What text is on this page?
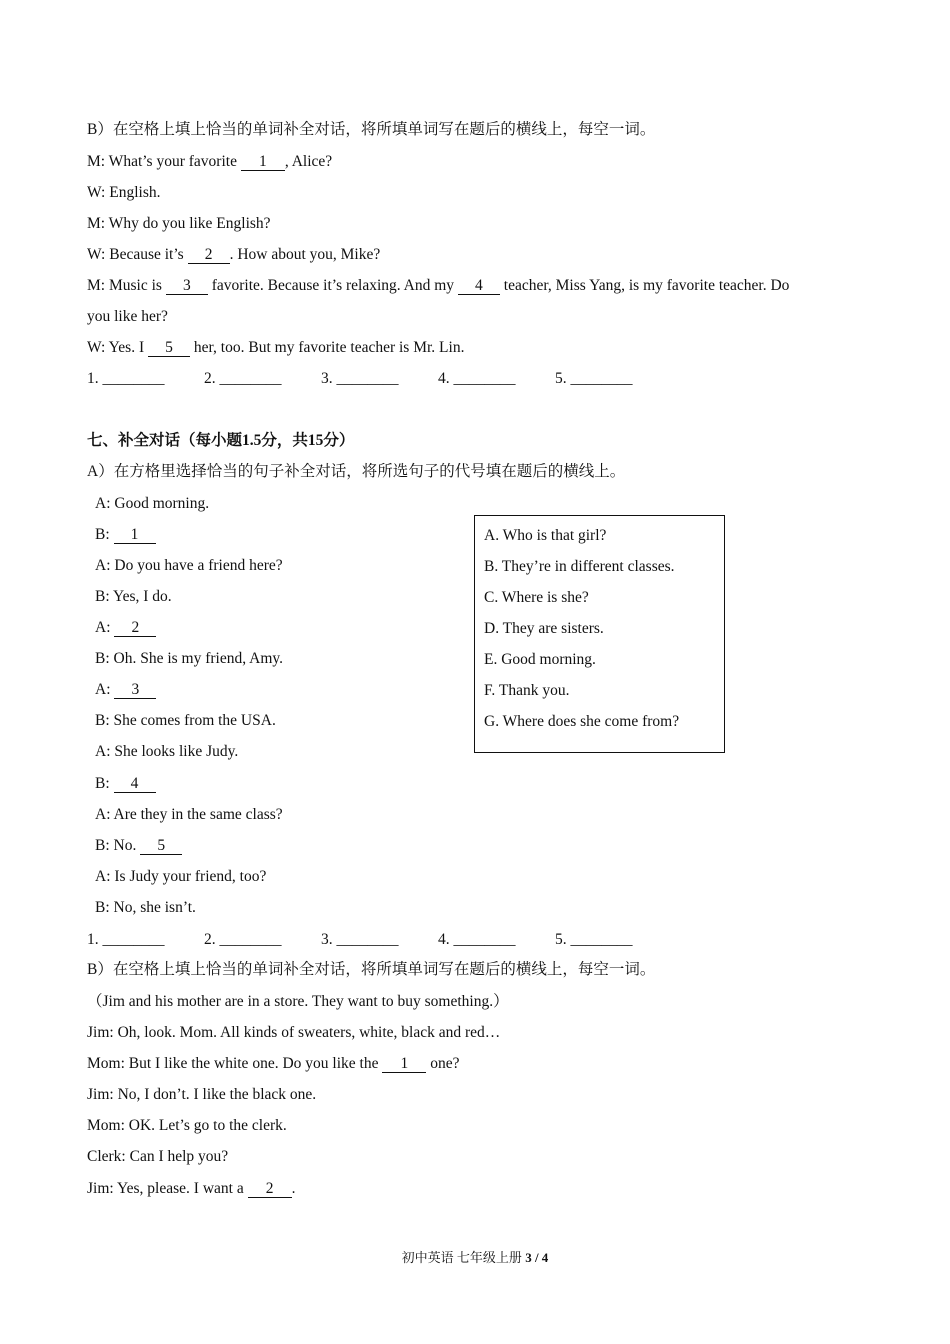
B）在空格上填上恰当的单词补全对话，将所填单词写在题后的横线上，每空一词。
M: What’s your favorite 1 , Alice?
W: English.
M: Why do you like English?
W: Because it’s 2 . How about you, Mike?
M: Music is 3 favorite. Because it’s relaxing. And my 4 teacher, Miss Yang, is my favorite teacher. Do
you like her?
W: Yes. I 5 her, too. But my favorite teacher is Mr. Lin.
1. ________	2. ________	3. ________	4. ________	5. ________
七、补全对话（每小题1.5分，共15分）
A）在方格里选择恰当的句子补全对话，将所选句子的代号填在题后的横线上。
A: Good morning.
B: 1
A: Do you have a friend here?
B: Yes, I do.
A: 2
B: Oh. She is my friend, Amy.
A: 3
B: She comes from the USA.
A: She looks like Judy.
B: 4
A: Are they in the same class?
B: No. 5
A: Is Judy your friend, too?
B: No, she isn’t.
A. Who is that girl?
B. They’re in different classes.
C. Where is she?
D. They are sisters.
E. Good morning.
F. Thank you.
G. Where does she come from?
1. ________	2. ________	3. ________	4. ________	5. ________
B）在空格上填上恰当的单词补全对话，将所填单词写在题后的横线上，每空一词。
（Jim and his mother are in a store. They want to buy something.）
Jim: Oh, look. Mom. All kinds of sweaters, white, black and red…
Mom: But I like the white one. Do you like the 1 one?
Jim: No, I don’t. I like the black one.
Mom: OK. Let’s go to the clerk.
Clerk: Can I help you?
Jim: Yes, please. I want a 2 .
初中英语 七年级上册 3 / 4
